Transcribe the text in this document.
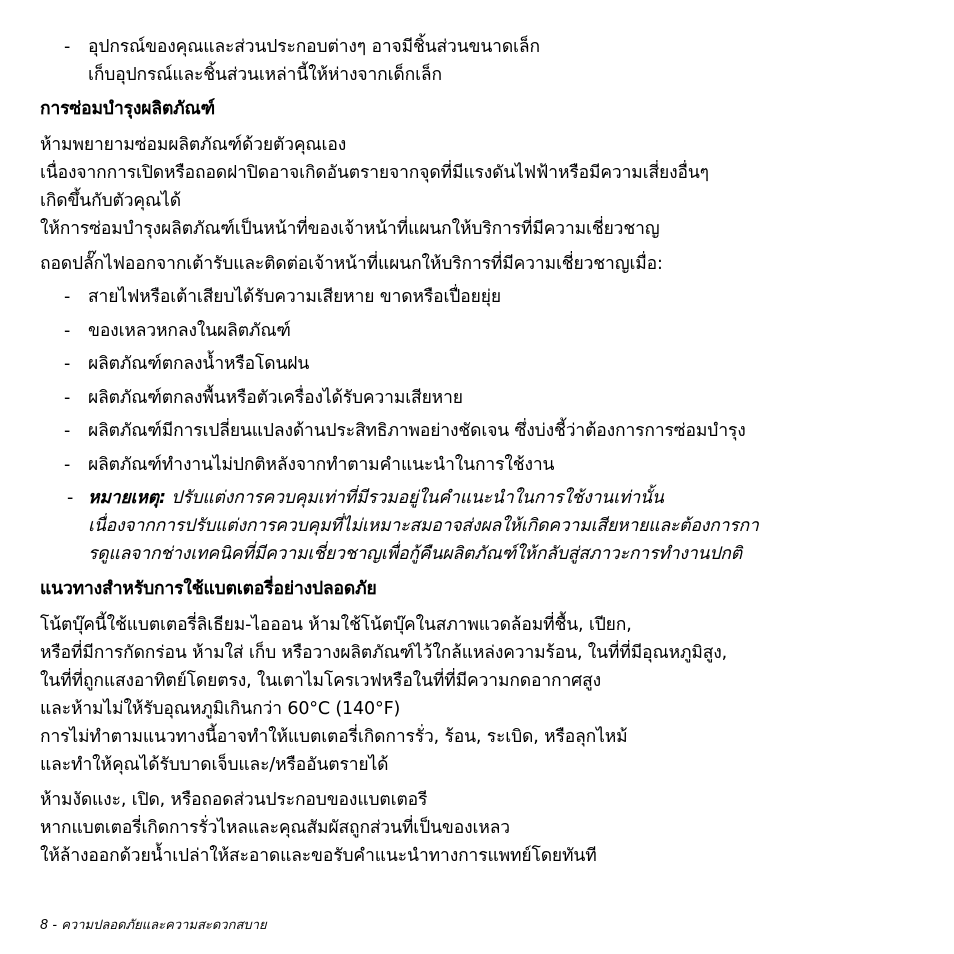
- อุปกรณ์ของคุณและส่วนประกอบต่างๆ อาจมีชิ้นส่วนขนาดเล็ก
เก็บอุปกรณ์และชิ้นส่วนเหล่านี้ให้ห่างจากเด็กเล็ก
การซ่อมบำรุงผลิตภัณฑ์
ห้ามพยายามซ่อมผลิตภัณฑ์ด้วยตัวคุณเอง
เนื่องจากการเปิดหรือถอดฝาปิดอาจเกิดอันตรายจากจุดที่มีแรงดันไฟฟ้าหรือมีความเสี่ยงอื่นๆ
เกิดขึ้นกับตัวคุณได้
ให้การซ่อมบำรุงผลิตภัณฑ์เป็นหน้าที่ของเจ้าหน้าที่แผนกให้บริการที่มีความเชี่ยวชาญ
ถอดปลั๊กไฟออกจากเต้ารับและติดต่อเจ้าหน้าที่แผนกให้บริการที่มีความเชี่ยวชาญเมื่อ:
- สายไฟหรือเต้าเสียบได้รับความเสียหาย ขาดหรือเปื่อยยุ่ย
- ของเหลวหกลงในผลิตภัณฑ์
- ผลิตภัณฑ์ตกลงน้ำหรือโดนฝน
- ผลิตภัณฑ์ตกลงพื้นหรือตัวเครื่องได้รับความเสียหาย
- ผลิตภัณฑ์มีการเปลี่ยนแปลงด้านประสิทธิภาพอย่างชัดเจน ซึ่งบ่งชี้ว่าต้องการการซ่อมบำรุง
- ผลิตภัณฑ์ทำงานไม่ปกติหลังจากทำตามคำแนะนำในการใช้งาน
- หมายเหตุ: ปรับแต่งการควบคุมเท่าที่มีรวมอยู่ในคำแนะนำในการใช้งานเท่านั้น
เนื่องจากการปรับแต่งการควบคุมที่ไม่เหมาะสมอาจส่งผลให้เกิดความเสียหายและต้องการกา
รดูแลจากช่างเทคนิคที่มีความเชี่ยวชาญเพื่อกู้คืนผลิตภัณฑ์ให้กลับสู่สภาวะการทำงานปกติ
แนวทางสำหรับการใช้แบตเตอรี่อย่างปลอดภัย
โน้ตบุ๊คนี้ใช้แบตเตอรี่ลิเธียม-ไอออน ห้ามใช้โน้ตบุ๊คในสภาพแวดล้อมที่ชื้น, เปียก,
หรือที่มีการกัดกร่อน ห้ามใส่ เก็บ หรือวางผลิตภัณฑ์ไว้ใกล้แหล่งความร้อน, ในที่ที่มีอุณหภูมิสูง,
ในที่ที่ถูกแสงอาทิตย์โดยตรง, ในเตาไมโครเวฟหรือในที่ที่มีความกดอากาศสูง
และห้ามไม่ให้รับอุณหภูมิเกินกว่า 60°C (140°F)
การไม่ทำตามแนวทางนี้อาจทำให้แบตเตอรี่เกิดการรั่ว, ร้อน, ระเบิด, หรือลุกไหม้
และทำให้คุณได้รับบาดเจ็บและ/หรืออันตรายได้
ห้ามงัดแงะ, เปิด, หรือถอดส่วนประกอบของแบตเตอรี
หากแบตเตอรี่เกิดการรั่วไหลและคุณสัมผัสถูกส่วนที่เป็นของเหลว
ให้ล้างออกด้วยน้ำเปล่าให้สะอาดและขอรับคำแนะนำทางการแพทย์โดยทันที
8 - ความปลอดภัยและความสะดวกสบาย
